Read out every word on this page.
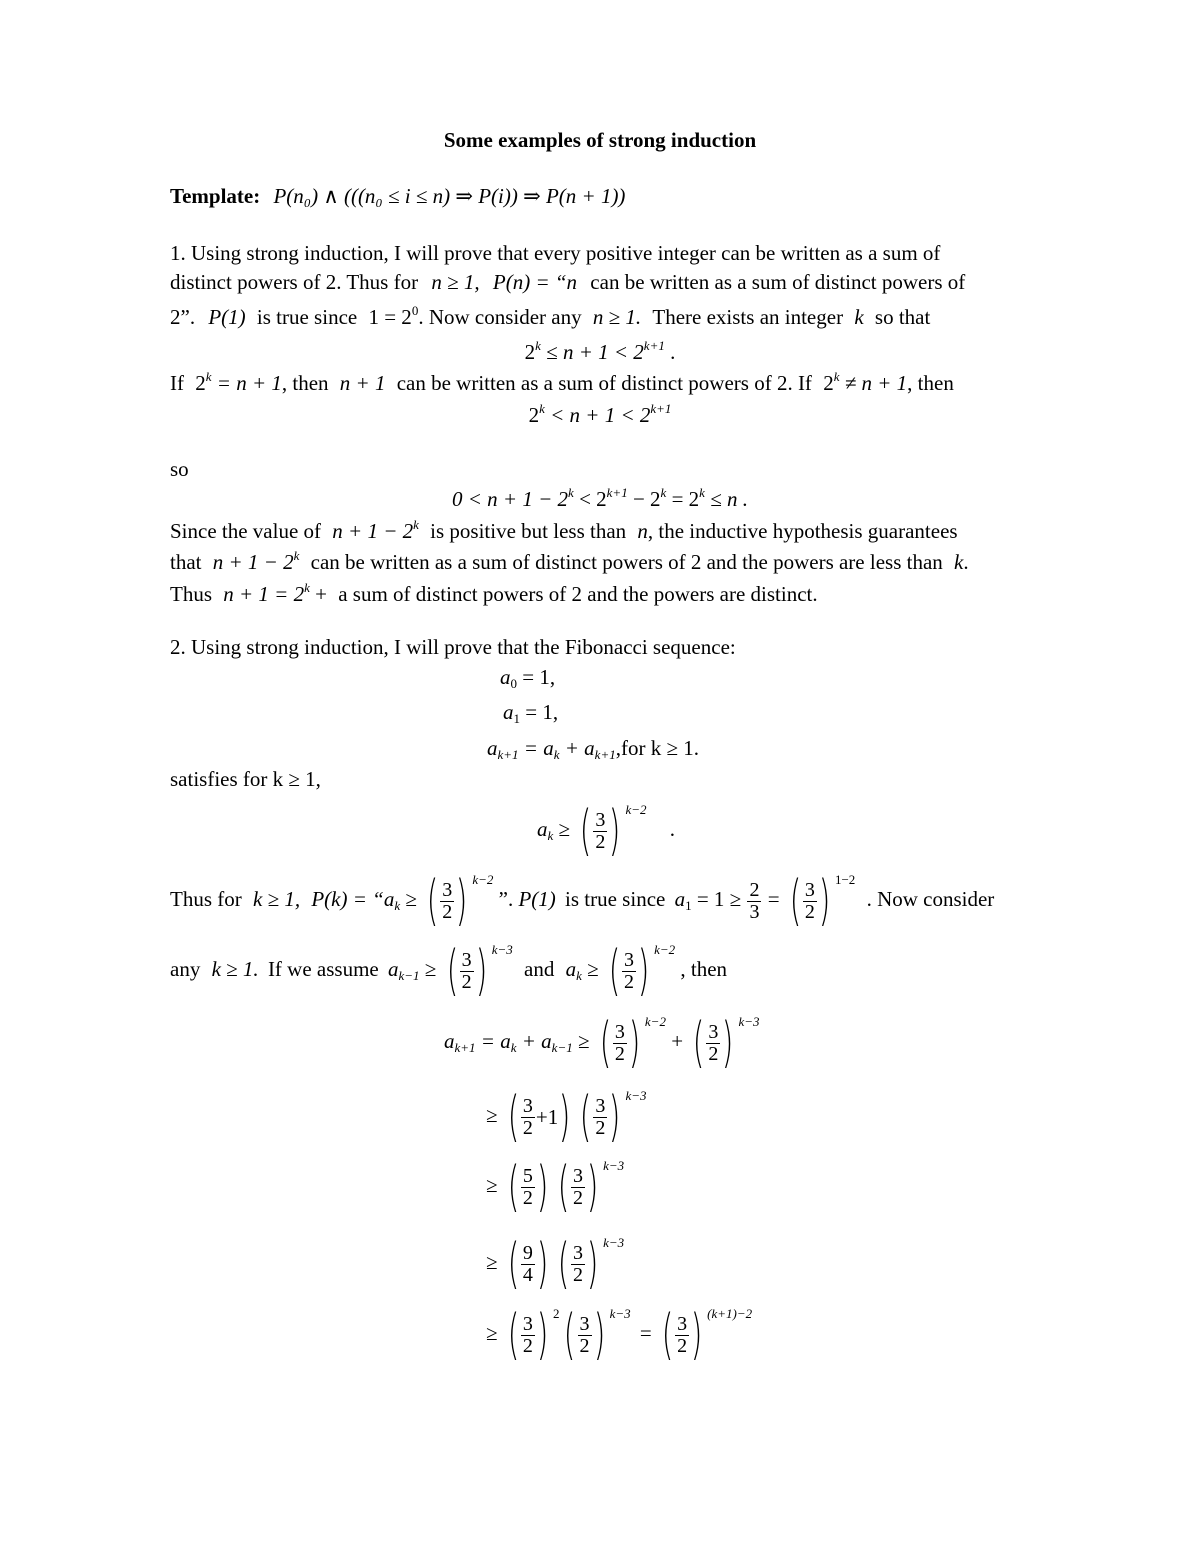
Some examples of strong induction
Template: P(n₀) ∧ (((n₀ ≤ i ≤ n) ⇒ P(i)) ⇒ P(n + 1))
1. Using strong induction, I will prove that every positive integer can be written as a sum of
distinct powers of 2. Thus for n ≥ 1, P(n) = “n can be written as a sum of distinct powers of
2”. P(1) is true since $1 = 2^0$. Now consider any n ≥ 1. There exists an integer k so that
$2^k \le n + 1 < 2^{k+1}$ .
If $2^k = n + 1$, then n + 1 can be written as a sum of distinct powers of 2. If $2^k \ne n + 1$, then
$2^k < n + 1 < 2^{k+1}$
so
$0 < n + 1 - 2^k < 2^{k+1} - 2^k = 2^k \le n$ .
Since the value of $n + 1 - 2^k$ is positive but less than n, the inductive hypothesis guarantees
that $n + 1 - 2^k$ can be written as a sum of distinct powers of 2 and the powers are less than k.
Thus $n + 1 = 2^k + a$ sum of distinct powers of 2 and the powers are distinct.
2. Using strong induction, I will prove that the Fibonacci sequence:
$a_0 = 1$,
$a_1 = 1$,
$a_{k+1} = a_k + a_{k+1},for$ k ≥ 1.
satisfies for k ≥ 1,
$a_k$ ≥ ( $\frac{3}{2}$
)$^{k-2}$ .
Thus for k ≥ 1, $P(k) = “a_k$ ≥ ( $\frac{3}{2}$
)$^{k-2}$ ”. P(1) is true since $a_1 = 1 \ge \frac{2}{3}$ = ( $\frac{3}{2}$
)$^{1-2}$ . Now consider
any k ≥ 1. If we assume $a_{k-1}$ ≥ ( $\frac{3}{2}$
)$^{k-3}$ and $a_k$ ≥ ( $\frac{3}{2}$
)$^{k-2}$ , then
$a_{k+1} = a_k + a_{k-1}$ ≥ ( $\frac{3}{2}$
)$^{k-2}$ + ( $\frac{3}{2}$
)$^{k-3}$
≥ ( $\frac{3}{2} +1$
) ( $\frac{3}{2}$
)$^{k-3}$
≥ ( $\frac{5}{2}$
) ( $\frac{3}{2}$
)$^{k-3}$
≥ ( $\frac{9}{4}$
) ( $\frac{3}{2}$
)$^{k-3}$
≥ ( $\frac{3}{2}$
)$^2$
( $\frac{3}{2}$
)$^{k-3}$ = ( $\frac{3}{2}$
)$^{(k+1)-2}$
